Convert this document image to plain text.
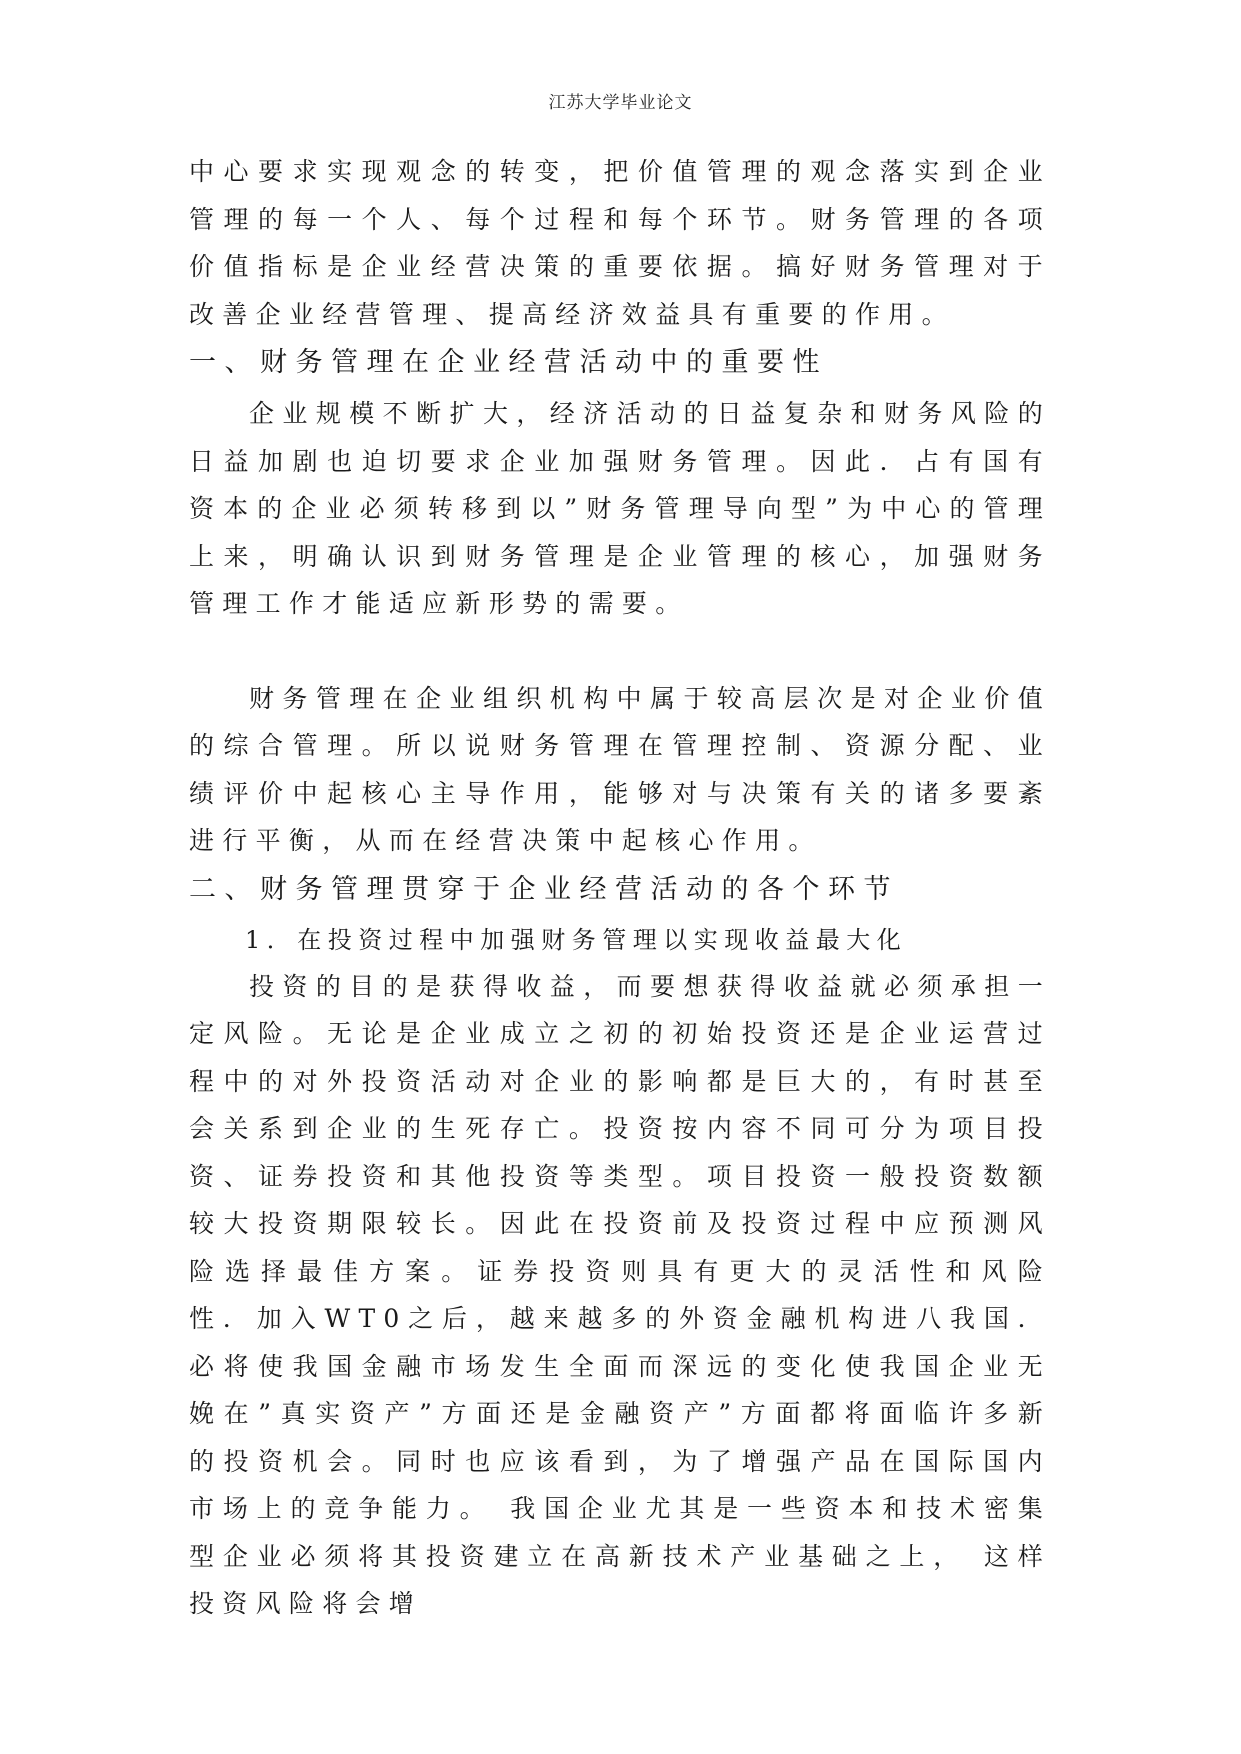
江苏大学毕业论文

中心要求实现观念的转变，把价值管理的观念落实到企业管理的每一个人、每个过程和每个环节。财务管理的各项价值指标是企业经营决策的重要依据。搞好财务管理对于改善企业经营管理、提高经济效益具有重要的作用。

一、财务管理在企业经营活动中的重要性

企业规模不断扩大，经济活动的日益复杂和财务风险的日益加剧也迫切要求企业加强财务管理。因此．占有国有资本的企业必须转移到以”财务管理导向型”为中心的管理上来，明确认识到财务管理是企业管理的核心，加强财务管理工作才能适应新形势的需要。

财务管理在企业组织机构中属于较高层次是对企业价值的综合管理。所以说财务管理在管理控制、资源分配、业绩评价中起核心主导作用，能够对与决策有关的诸多要紊进行平衡，从而在经营决策中起核心作用。

二、财务管理贯穿于企业经营活动的各个环节

1．在投资过程中加强财务管理以实现收益最大化

投资的目的是获得收益，而要想获得收益就必须承担一定风险。无论是企业成立之初的初始投资还是企业运营过程中的对外投资活动对企业的影响都是巨大的，有时甚至会关系到企业的生死存亡。投资按内容不同可分为项目投资、证券投资和其他投资等类型。项目投资一般投资数额较大投资期限较长。因此在投资前及投资过程中应预测风险选择最佳方案。证券投资则具有更大的灵活性和风险性．加入WT0之后，越来越多的外资金融机构进八我国．必将使我国金融市场发生全面而深远的变化使我国企业无娩在”真实资产”方面还是金融资产”方面都将面临许多新的投资机会。同时也应该看到，为了增强产品在国际国内市场上的竞争能力。 我国企业尤其是一些资本和技术密集型企业必须将其投资建立在高新技术产业基础之上， 这样投资风险将会增
